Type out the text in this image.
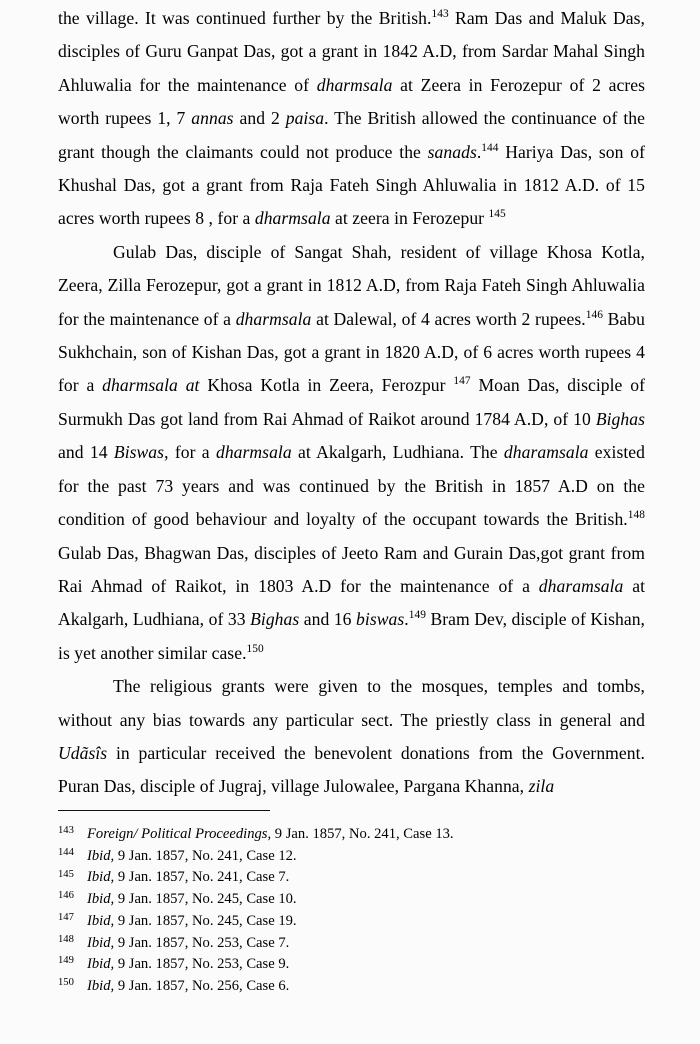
the village. It was continued further by the British.$^{143}$ Ram Das and Maluk Das, disciples of Guru Ganpat Das, got a grant in 1842 A.D, from Sardar Mahal Singh Ahluwalia for the maintenance of dharmsala at Zeera in Ferozepur of 2 acres worth rupees 1, 7 annas and 2 paisa. The British allowed the continuance of the grant though the claimants could not produce the sanads.$^{144}$ Hariya Das, son of Khushal Das, got a grant from Raja Fateh Singh Ahluwalia in 1812 A.D. of 15 acres worth rupees 8 , for a dharmsala at zeera in Ferozepur $^{145}$

Gulab Das, disciple of Sangat Shah, resident of village Khosa Kotla, Zeera, Zilla Ferozepur, got a grant in 1812 A.D, from Raja Fateh Singh Ahluwalia for the maintenance of a dharmsala at Dalewal, of 4 acres worth 2 rupees.$^{146}$ Babu Sukhchain, son of Kishan Das, got a grant in 1820 A.D, of 6 acres worth rupees 4 for a dharmsala at Khosa Kotla in Zeera, Ferozpur $^{147}$ Moan Das, disciple of Surmukh Das got land from Rai Ahmad of Raikot around 1784 A.D, of 10 Bighas and 14 Biswas, for a dharmsala at Akalgarh, Ludhiana. The dharamsala existed for the past 73 years and was continued by the British in 1857 A.D on the condition of good behaviour and loyalty of the occupant towards the British.$^{148}$ Gulab Das, Bhagwan Das, disciples of Jeeto Ram and Gurain Das,got grant from Rai Ahmad of Raikot, in 1803 A.D for the maintenance of a dharamsala at Akalgarh, Ludhiana, of 33 Bighas and 16 biswas.$^{149}$ Bram Dev, disciple of Kishan, is yet another similar case.$^{150}$

The religious grants were given to the mosques, temples and tombs, without any bias towards any particular sect. The priestly class in general and Udãsîs in particular received the benevolent donations from the Government. Puran Das, disciple of Jugraj, village Julowalee, Pargana Khanna, zila

143 Foreign/ Political Proceedings, 9 Jan. 1857, No. 241, Case 13.

144 Ibid, 9 Jan. 1857, No. 241, Case 12.

145 Ibid, 9 Jan. 1857, No. 241, Case 7.

146 Ibid, 9 Jan. 1857, No. 245, Case 10.

147 Ibid, 9 Jan. 1857, No. 245, Case 19.

148 Ibid, 9 Jan. 1857, No. 253, Case 7.

149 Ibid, 9 Jan. 1857, No. 253, Case 9.

150 Ibid, 9 Jan. 1857, No. 256, Case 6.
